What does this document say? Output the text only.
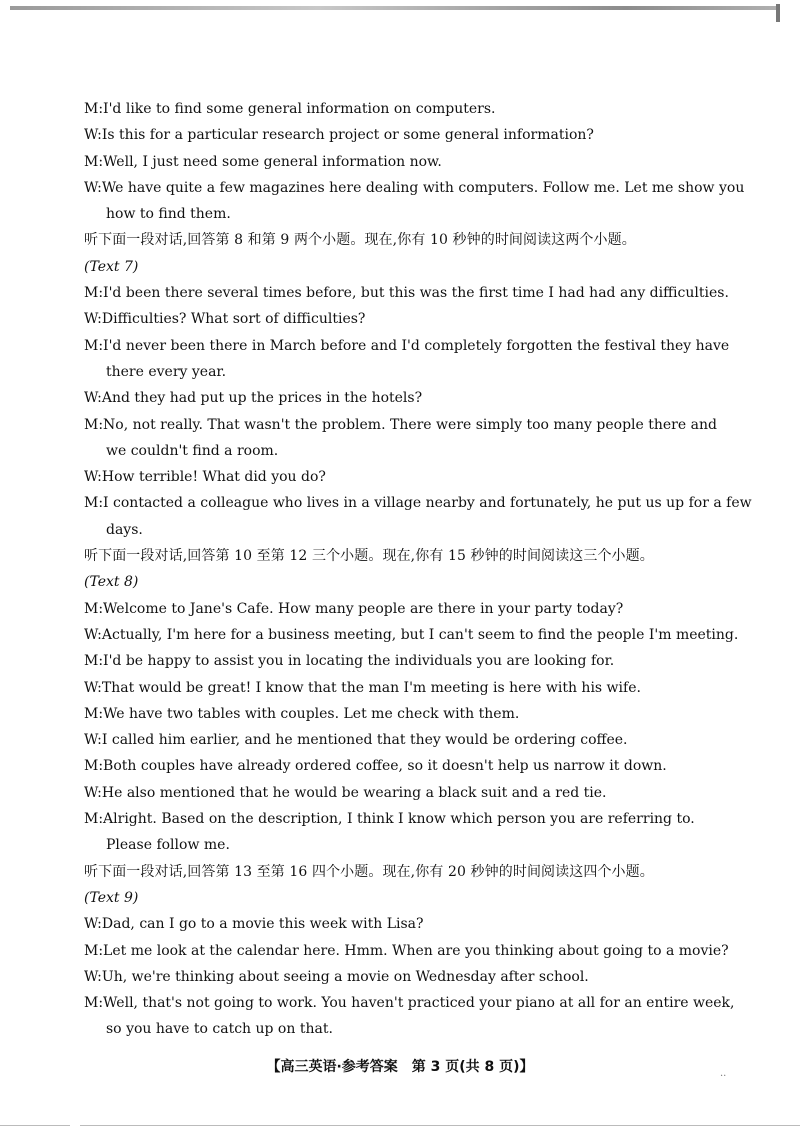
M:I'd like to find some general information on computers.
W:Is this for a particular research project or some general information?
M:Well, I just need some general information now.
W:We have quite a few magazines here dealing with computers. Follow me. Let me show you
how to find them.
听下面一段对话,回答第 8 和第 9 两个小题。现在,你有 10 秒钟的时间阅读这两个小题。
(Text 7)
M:I'd been there several times before, but this was the first time I had had any difficulties.
W:Difficulties? What sort of difficulties?
M:I'd never been there in March before and I'd completely forgotten the festival they have
there every year.
W:And they had put up the prices in the hotels?
M:No, not really. That wasn't the problem. There were simply too many people there and
we couldn't find a room.
W:How terrible! What did you do?
M:I contacted a colleague who lives in a village nearby and fortunately, he put us up for a few
days.
听下面一段对话,回答第 10 至第 12 三个小题。现在,你有 15 秒钟的时间阅读这三个小题。
(Text 8)
M:Welcome to Jane's Cafe. How many people are there in your party today?
W:Actually, I'm here for a business meeting, but I can't seem to find the people I'm meeting.
M:I'd be happy to assist you in locating the individuals you are looking for.
W:That would be great! I know that the man I'm meeting is here with his wife.
M:We have two tables with couples. Let me check with them.
W:I called him earlier, and he mentioned that they would be ordering coffee.
M:Both couples have already ordered coffee, so it doesn't help us narrow it down.
W:He also mentioned that he would be wearing a black suit and a red tie.
M:Alright. Based on the description, I think I know which person you are referring to.
Please follow me.
听下面一段对话,回答第 13 至第 16 四个小题。现在,你有 20 秒钟的时间阅读这四个小题。
(Text 9)
W:Dad, can I go to a movie this week with Lisa?
M:Let me look at the calendar here. Hmm. When are you thinking about going to a movie?
W:Uh, we're thinking about seeing a movie on Wednesday after school.
M:Well, that's not going to work. You haven't practiced your piano at all for an entire week,
so you have to catch up on that.
【高三英语·参考答案　第 3 页(共 8 页)】	..
